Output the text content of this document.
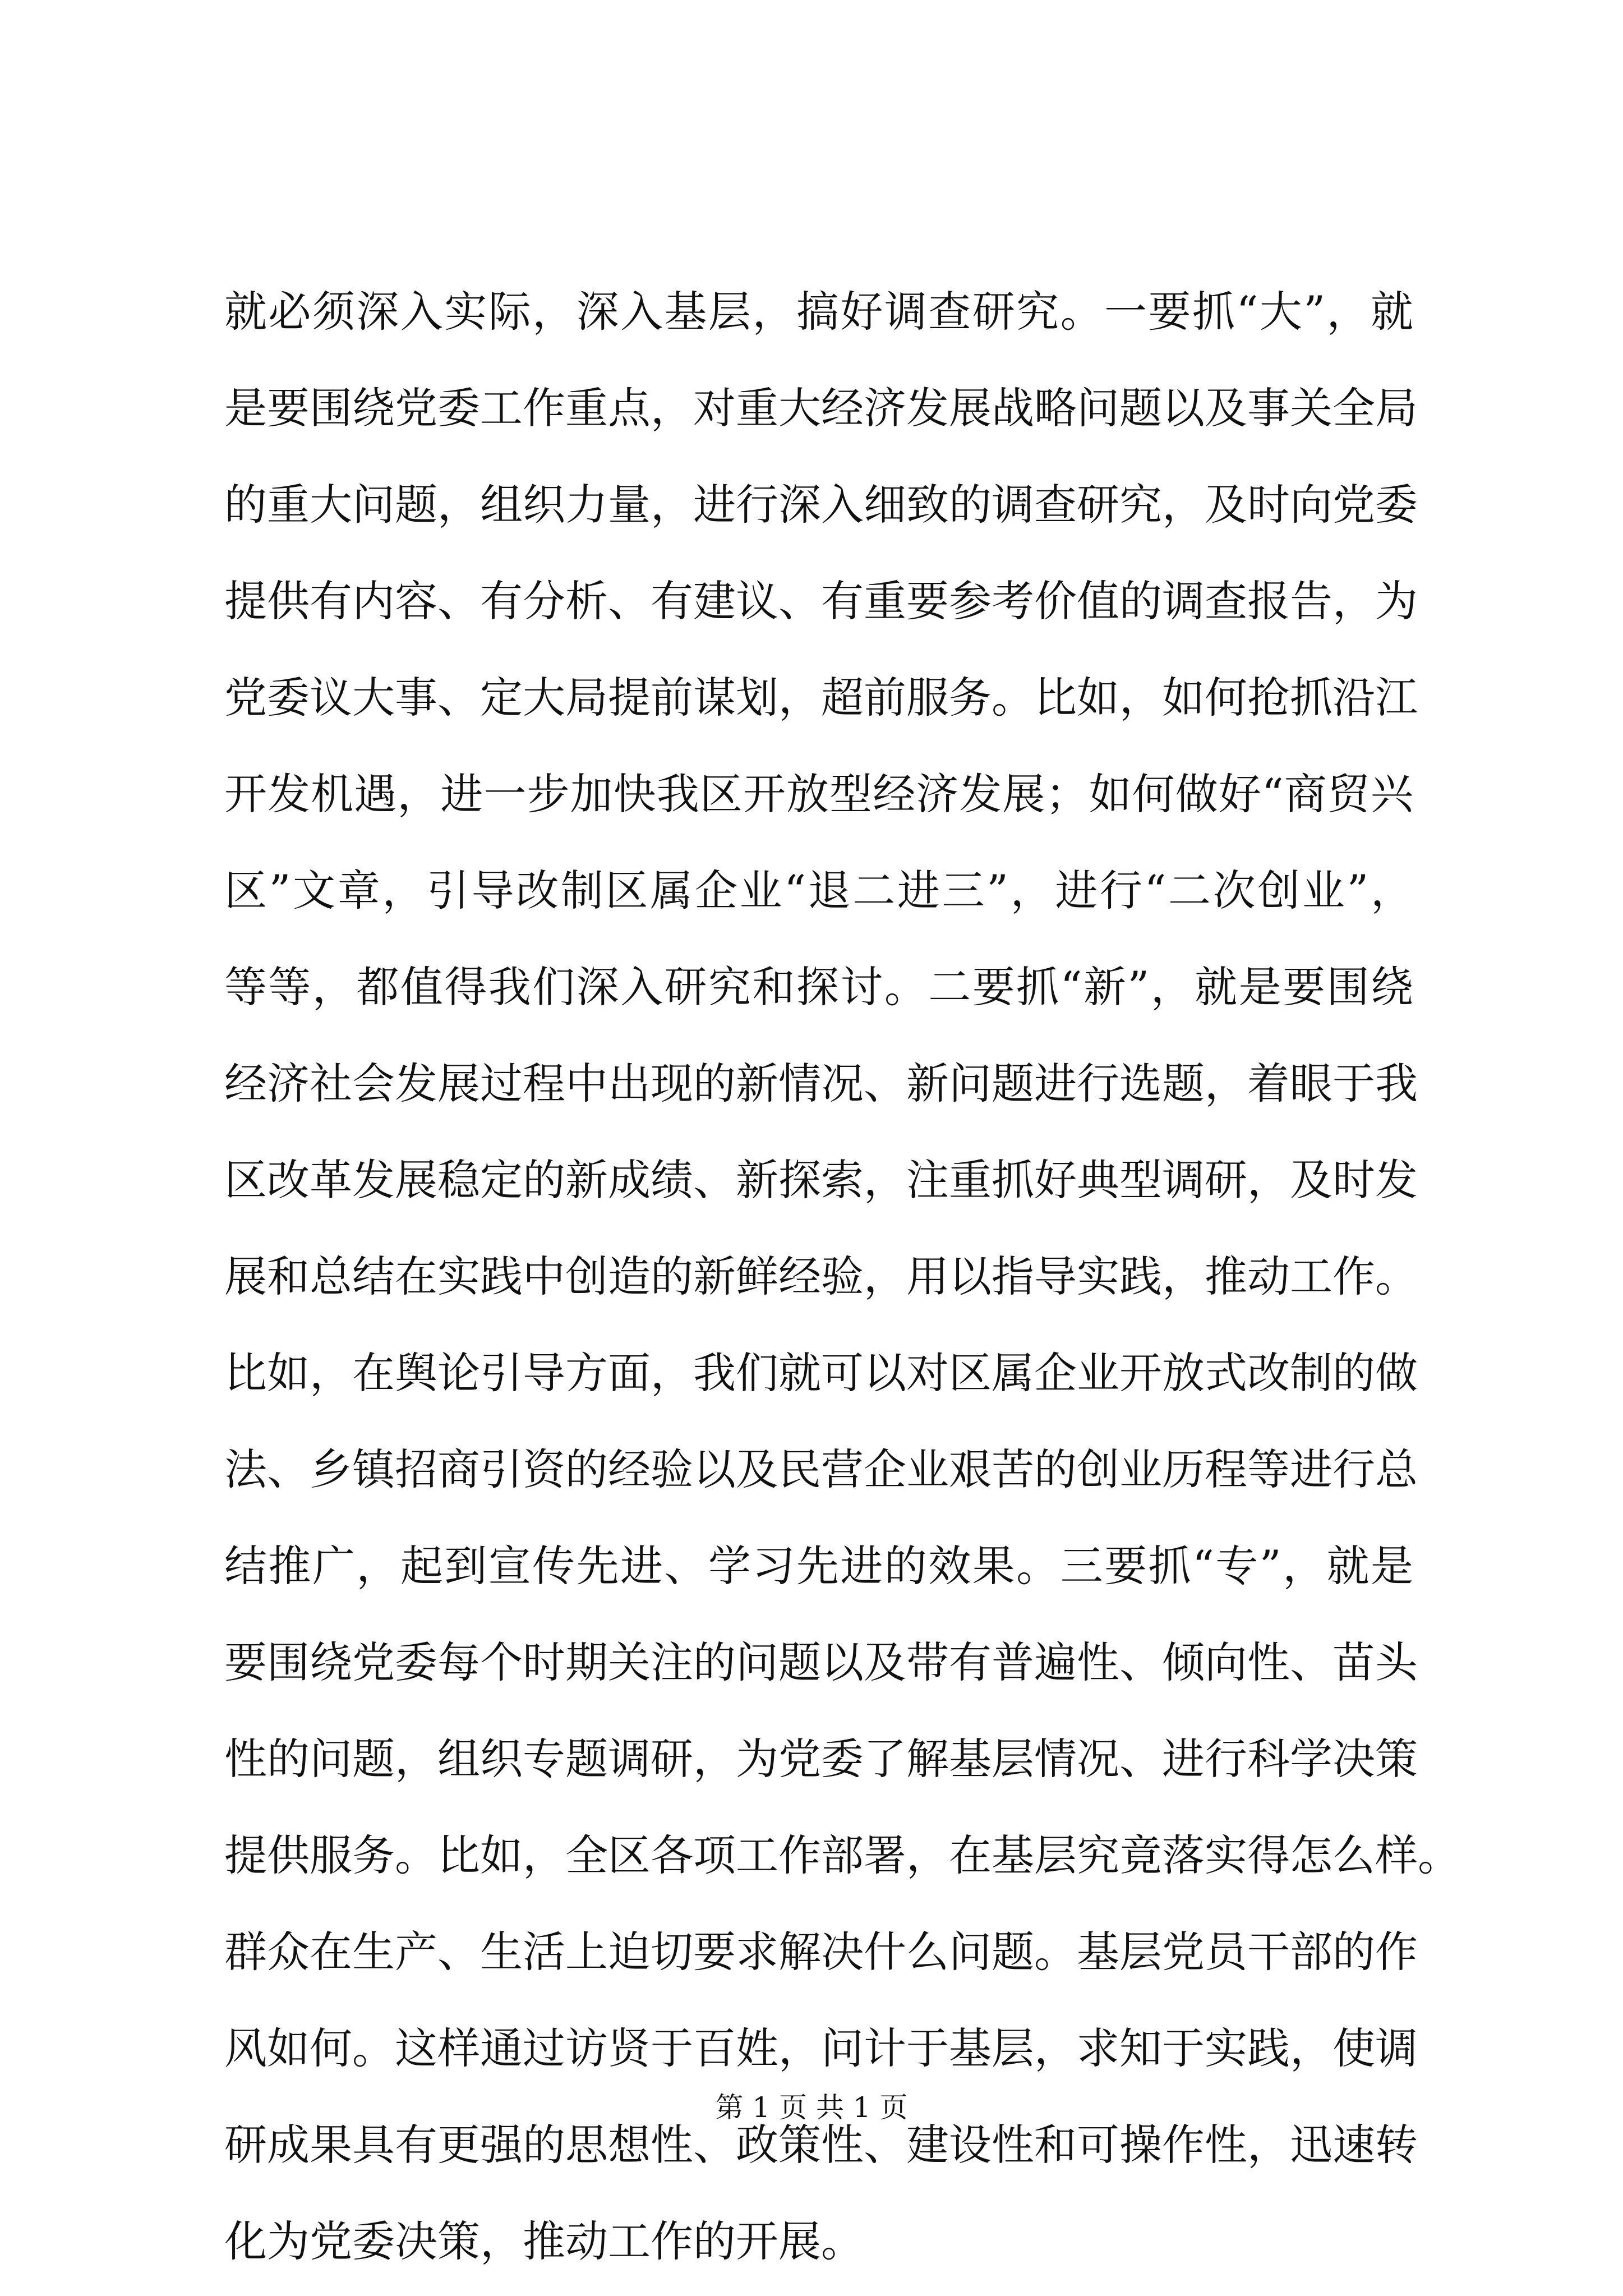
就必须深入实际，深入基层，搞好调查研究。一要抓“大”，就
是要围绕党委工作重点，对重大经济发展战略问题以及事关全局
的重大问题，组织力量，进行深入细致的调查研究，及时向党委
提供有内容、有分析、有建议、有重要参考价值的调查报告，为
党委议大事、定大局提前谋划，超前服务。比如，如何抢抓沿江
开发机遇，进一步加快我区开放型经济发展；如何做好“商贸兴
区”文章，引导改制区属企业“退二进三”，进行“二次创业”，
等等，都值得我们深入研究和探讨。二要抓“新”，就是要围绕
经济社会发展过程中出现的新情况、新问题进行选题，着眼于我
区改革发展稳定的新成绩、新探索，注重抓好典型调研，及时发
展和总结在实践中创造的新鲜经验，用以指导实践，推动工作。
比如，在舆论引导方面，我们就可以对区属企业开放式改制的做
法、乡镇招商引资的经验以及民营企业艰苦的创业历程等进行总
结推广，起到宣传先进、学习先进的效果。三要抓“专”，就是
要围绕党委每个时期关注的问题以及带有普遍性、倾向性、苗头
性的问题，组织专题调研，为党委了解基层情况、进行科学决策
提供服务。比如，全区各项工作部署，在基层究竟落实得怎么样。
群众在生产、生活上迫切要求解决什么问题。基层党员干部的作
风如何。这样通过访贤于百姓，问计于基层，求知于实践，使调
研成果具有更强的思想性、政策性、建设性和可操作性，迅速转
化为党委决策，推动工作的开展。
第 1 页 共 1 页
